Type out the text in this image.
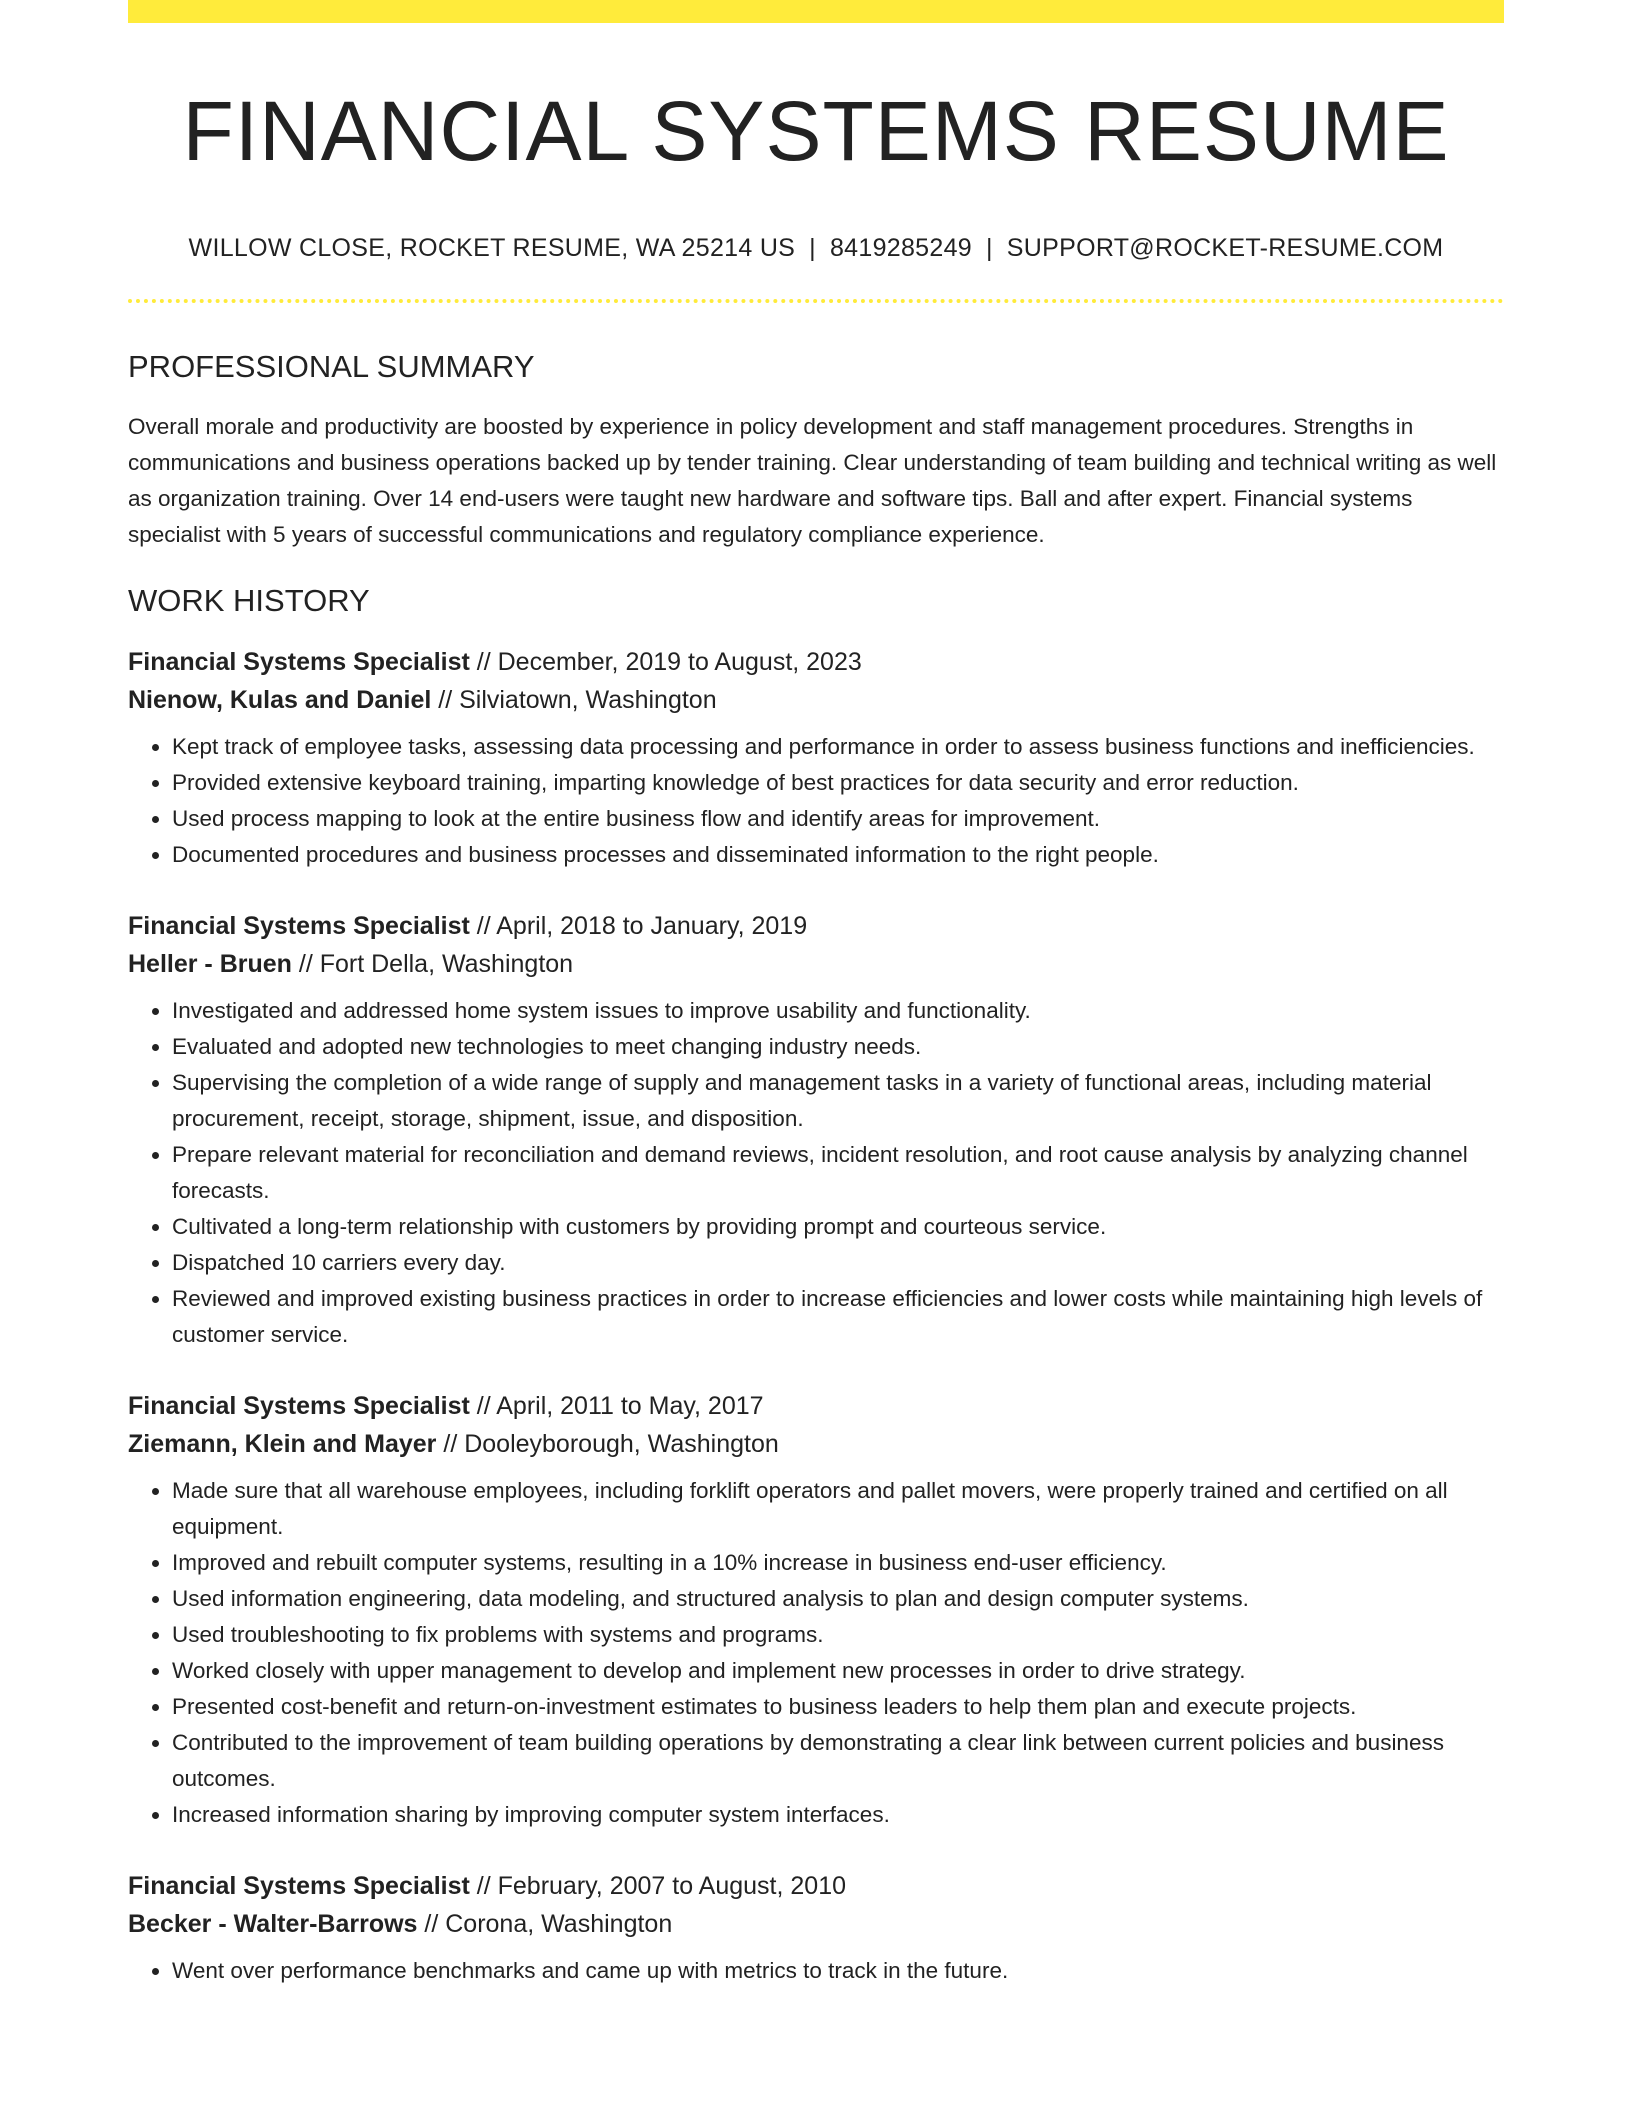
FINANCIAL SYSTEMS RESUME
WILLOW CLOSE, ROCKET RESUME, WA 25214 US | 8419285249 | SUPPORT@ROCKET-RESUME.COM
PROFESSIONAL SUMMARY
Overall morale and productivity are boosted by experience in policy development and staff management procedures. Strengths in communications and business operations backed up by tender training. Clear understanding of team building and technical writing as well as organization training. Over 14 end-users were taught new hardware and software tips. Ball and after expert. Financial systems specialist with 5 years of successful communications and regulatory compliance experience.
WORK HISTORY
Financial Systems Specialist // December, 2019 to August, 2023
Nienow, Kulas and Daniel // Silviatown, Washington
• Kept track of employee tasks, assessing data processing and performance in order to assess business functions and inefficiencies.
• Provided extensive keyboard training, imparting knowledge of best practices for data security and error reduction.
• Used process mapping to look at the entire business flow and identify areas for improvement.
• Documented procedures and business processes and disseminated information to the right people.
Financial Systems Specialist // April, 2018 to January, 2019
Heller - Bruen // Fort Della, Washington
• Investigated and addressed home system issues to improve usability and functionality.
• Evaluated and adopted new technologies to meet changing industry needs.
• Supervising the completion of a wide range of supply and management tasks in a variety of functional areas, including material procurement, receipt, storage, shipment, issue, and disposition.
• Prepare relevant material for reconciliation and demand reviews, incident resolution, and root cause analysis by analyzing channel forecasts.
• Cultivated a long-term relationship with customers by providing prompt and courteous service.
• Dispatched 10 carriers every day.
• Reviewed and improved existing business practices in order to increase efficiencies and lower costs while maintaining high levels of customer service.
Financial Systems Specialist // April, 2011 to May, 2017
Ziemann, Klein and Mayer // Dooleyborough, Washington
• Made sure that all warehouse employees, including forklift operators and pallet movers, were properly trained and certified on all equipment.
• Improved and rebuilt computer systems, resulting in a 10% increase in business end-user efficiency.
• Used information engineering, data modeling, and structured analysis to plan and design computer systems.
• Used troubleshooting to fix problems with systems and programs.
• Worked closely with upper management to develop and implement new processes in order to drive strategy.
• Presented cost-benefit and return-on-investment estimates to business leaders to help them plan and execute projects.
• Contributed to the improvement of team building operations by demonstrating a clear link between current policies and business outcomes.
• Increased information sharing by improving computer system interfaces.
Financial Systems Specialist // February, 2007 to August, 2010
Becker - Walter-Barrows // Corona, Washington
• Went over performance benchmarks and came up with metrics to track in the future.
